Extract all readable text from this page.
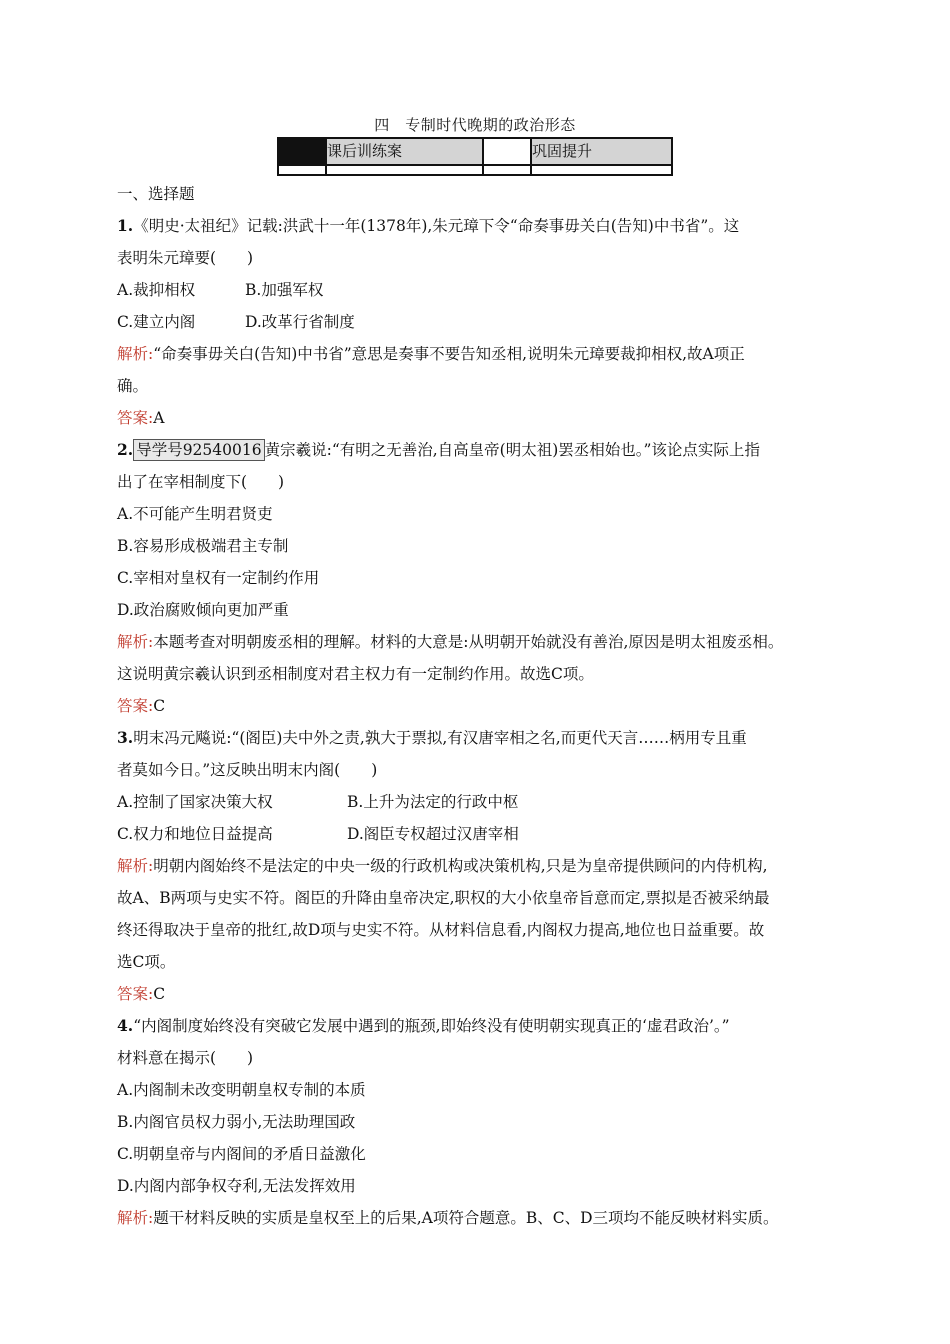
四　专制时代晚期的政治形态
课后训练案	巩固提升
一、选择题
1.《明史·太祖纪》记载:洪武十一年(1378年),朱元璋下令“命奏事毋关白(告知)中书省”。这
表明朱元璋要(　　)
A.裁抑相权	B.加强军权
C.建立内阁	D.改革行省制度
解析:“命奏事毋关白(告知)中书省”意思是奏事不要告知丞相,说明朱元璋要裁抑相权,故A项正
确。
答案:A
2. 导学号92540016 黄宗羲说:“有明之无善治,自高皇帝(明太祖)罢丞相始也。”该论点实际上指
出了在宰相制度下(　　)
A.不可能产生明君贤吏
B.容易形成极端君主专制
C.宰相对皇权有一定制约作用
D.政治腐败倾向更加严重
解析:本题考查对明朝废丞相的理解。材料的大意是:从明朝开始就没有善治,原因是明太祖废丞相。
这说明黄宗羲认识到丞相制度对君主权力有一定制约作用。故选C项。
答案:C
3.明末冯元飚说:“(阁臣)夫中外之责,孰大于票拟,有汉唐宰相之名,而更代天言……柄用专且重
者莫如今日。”这反映出明末内阁(　　)
A.控制了国家决策大权	B.上升为法定的行政中枢
C.权力和地位日益提高	D.阁臣专权超过汉唐宰相
解析:明朝内阁始终不是法定的中央一级的行政机构或决策机构,只是为皇帝提供顾问的内侍机构,
故A、B两项与史实不符。阁臣的升降由皇帝决定,职权的大小依皇帝旨意而定,票拟是否被采纳最
终还得取决于皇帝的批红,故D项与史实不符。从材料信息看,内阁权力提高,地位也日益重要。故
选C项。
答案:C
4.“内阁制度始终没有突破它发展中遇到的瓶颈,即始终没有使明朝实现真正的‘虚君政治’。”
材料意在揭示(　　)
A.内阁制未改变明朝皇权专制的本质
B.内阁官员权力弱小,无法助理国政
C.明朝皇帝与内阁间的矛盾日益激化
D.内阁内部争权夺利,无法发挥效用
解析:题干材料反映的实质是皇权至上的后果,A项符合题意。B、C、D三项均不能反映材料实质。
